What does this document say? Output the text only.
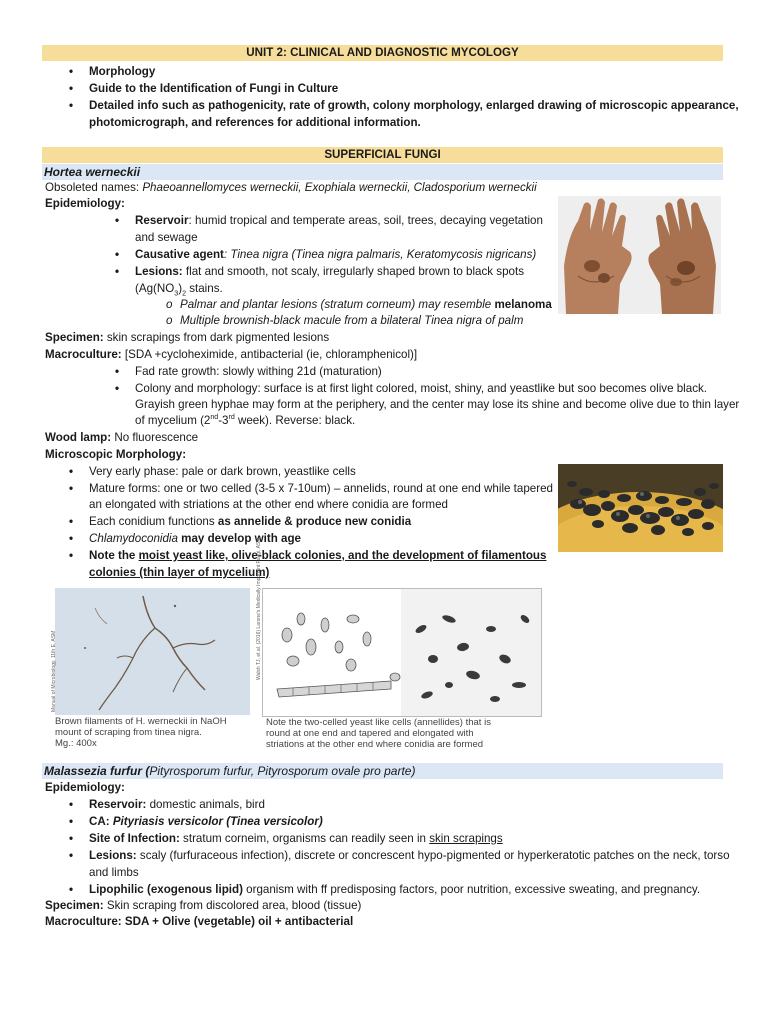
UNIT 2: CLINICAL AND DIAGNOSTIC MYCOLOGY
• Morphology
• Guide to the Identification of Fungi in Culture
• Detailed info such as pathogenicity, rate of growth, colony morphology, enlarged drawing of microscopic appearance,
photomicrograph, and references for additional information.
SUPERFICIAL FUNGI
Hortea werneckii
Obsoleted names: Phaeoannellomyces werneckii, Exophiala werneckii, Cladosporium werneckii
Epidemiology:
• Reservoir: humid tropical and temperate areas, soil, trees, decaying vegetation
and sewage
• Causative agent: Tinea nigra (Tinea nigra palmaris, Keratomycosis nigricans)
• Lesions: flat and smooth, not scaly, irregularly shaped brown to black spots
($Ag(NO_3)_2$ stains.
o Palmar and plantar lesions (stratum corneum) may resemble melanoma
o Multiple brownish-black macule from a bilateral Tinea nigra of palm
Specimen: skin scrapings from dark pigmented lesions
Macroculture: [SDA +cycloheximide, antibacterial (ie, chloramphenicol)]
• Fad rate growth: slowly withing 21d (maturation)
• Colony and morphology: surface is at first light colored, moist, shiny, and yeastlike but soo becomes olive black.
Grayish green hyphae may form at the periphery, and the center may lose its shine and become olive due to thin layer
of mycelium (2nd-3rd week). Reverse: black.
Wood lamp: No fluorescence
Microscopic Morphology:
• Very early phase: pale or dark brown, yeastlike cells
• Mature forms: one or two celled (3-5 x 7-10um) – annelids, round at one end while tapered
an elongated with striations at the other end where conidia are formed
• Each conidium functions as annelide & produce new conidia
• Chlamydoconidia may develop with age
• Note the moist yeast like, olive-black colonies, and the development of filamentous
colonies (thin layer of mycelium)
Manual of Microbiology, 11th E, ASM
Brown filaments of H. werneckii in NaOH
mount of scraping from tinea nigra.
Mg.: 400x
Walsh TJ, et al. (2016) Larone's Medically Important Fungi, ASM
Note the two-celled yeast like cells (annellides) that is
round at one end and tapered and elongated with
striations at the other end where conidia are formed
Malassezia furfur (Pityrosporum furfur, Pityrosporum ovale pro parte)
Epidemiology:
• Reservoir: domestic animals, bird
• CA: Pityriasis versicolor (Tinea versicolor)
• Site of Infection: stratum corneim, organisms can readily seen in skin scrapings
• Lesions: scaly (furfuraceous infection), discrete or concrescent hypo-pigmented or hyperkeratotic patches on the neck, torso
and limbs
• Lipophilic (exogenous lipid) organism with ff predisposing factors, poor nutrition, excessive sweating, and pregnancy.
Specimen: Skin scraping from discolored area, blood (tissue)
Macroculture: SDA + Olive (vegetable) oil + antibacterial
